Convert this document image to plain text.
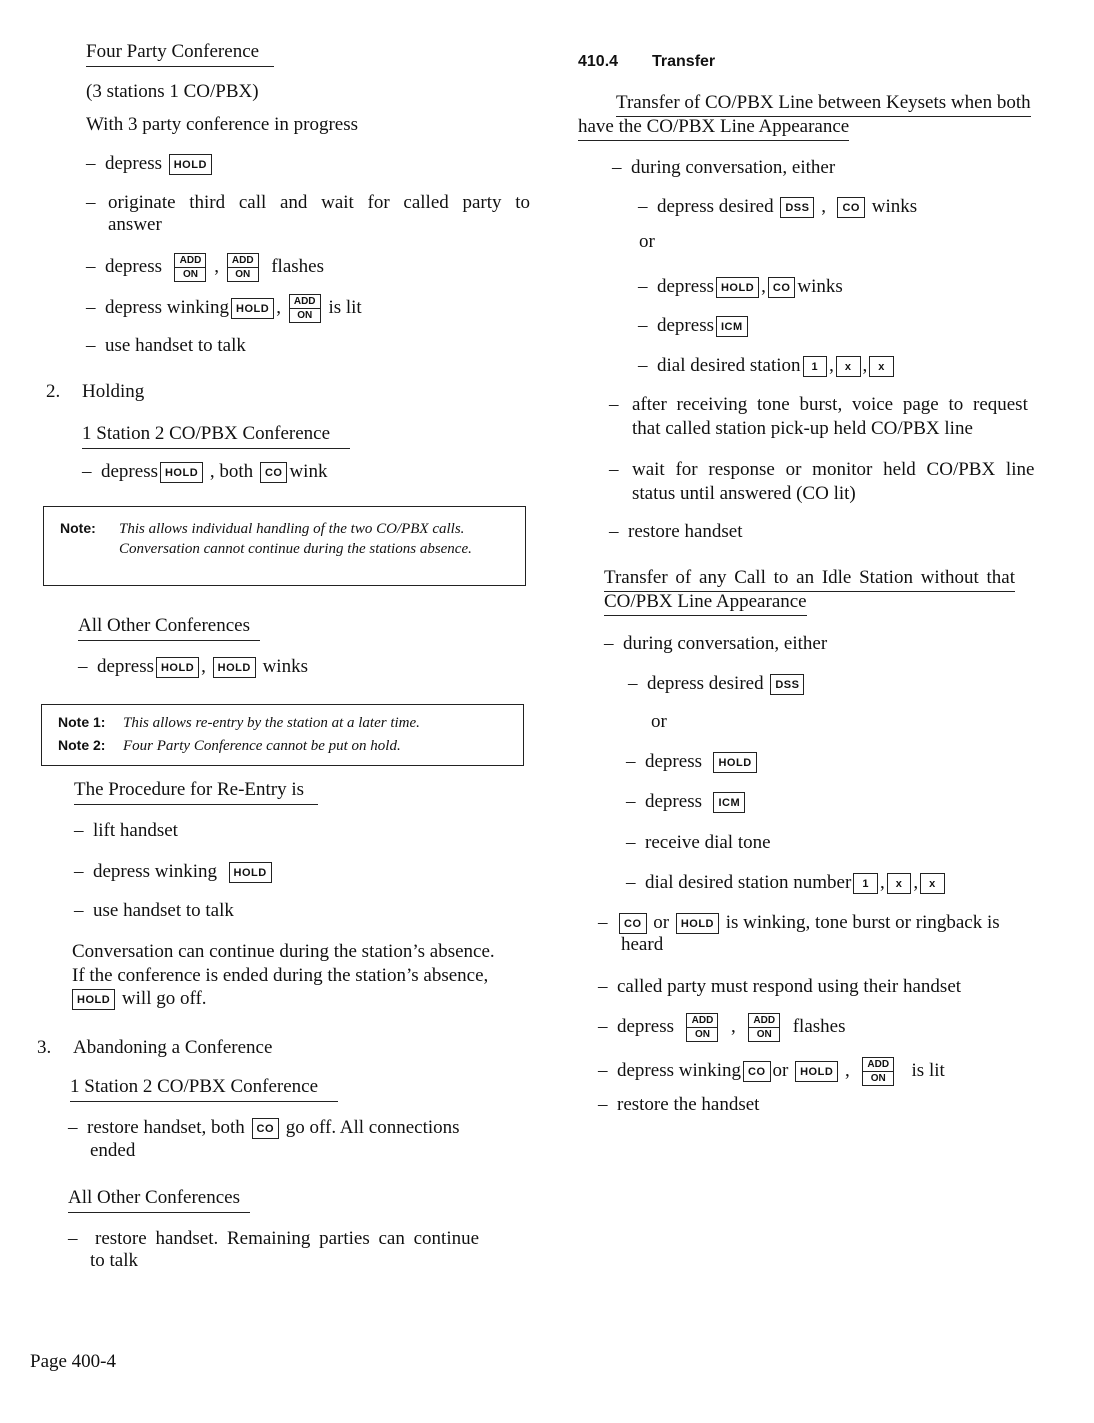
Four Party Conference
(3 stations 1 CO/PBX)
With 3 party conference in progress
– depress HOLD
– originate third call and wait for called party to answer
– depress	ADD
ON ,	ADD
ON	flashes
– depress winking HOLD ,	ADD
ON is lit
– use handset to talk
2. Holding
1 Station 2 CO/PBX Conference
– depress HOLD , both CO wink
Note: This allows individual handling of the two CO/PBX calls. Conversation cannot continue during the stations absence.
All Other Conferences
– depress HOLD , HOLD winks
Note 1: This allows re-entry by the station at a later time.
Note 2: Four Party Conference cannot be put on hold.
The Procedure for Re-Entry is
– lift handset
– depress winking HOLD
– use handset to talk
Conversation can continue during the station’s absence.
If the conference is ended during the station’s absence,
HOLD will go off.
3. Abandoning a Conference
1 Station 2 CO/PBX Conference
– restore handset, both CO go off. All connections
ended
All Other Conferences
– restore handset. Remaining parties can continue
to talk
Page 400-4
410.4 Transfer
Transfer of CO/PBX Line between Keysets when both
have the CO/PBX Line Appearance
– during conversation, either
– depress desired DSS , CO winks
or
– depress HOLD , CO winks
– depress ICM
– dial desired station 1 , x , x
– after receiving tone burst, voice page to request
that called station pick-up held CO/PBX line
– wait for response or monitor held CO/PBX line
status until answered (CO lit)
– restore handset
Transfer of any Call to an Idle Station without that
CO/PBX Line Appearance
– during conversation, either
– depress desired DSS
or
– depress HOLD
– depress ICM
– receive dial tone
– dial desired station number 1 , x , x
– CO or HOLD is winking, tone burst or ringback is
heard
– called party must respond using their handset
– depress	ADD
ON	,	ADD
ON	flashes
– depress winking CO or HOLD ,	ADD
ON	is lit
– restore the handset
